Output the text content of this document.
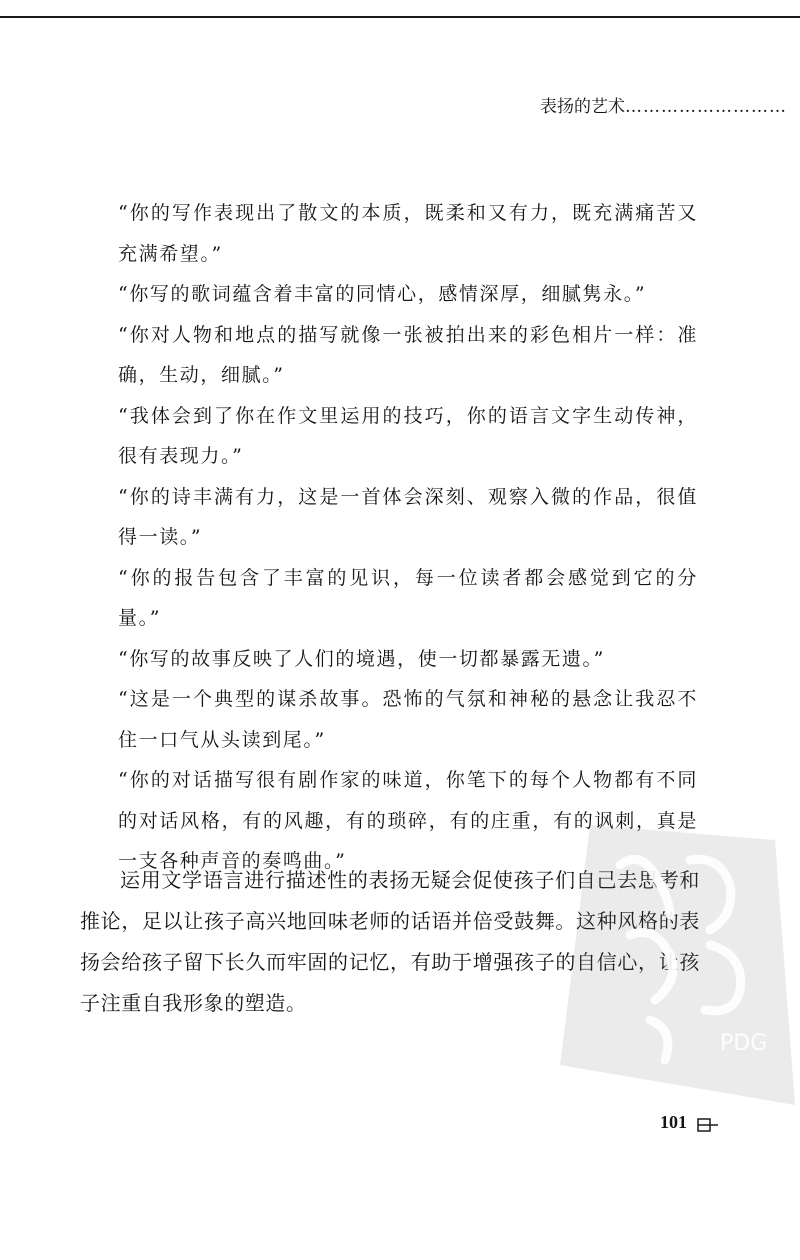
表扬的艺术………………………

“你的写作表现出了散文的本质，既柔和又有力，既充满痛苦又充满希望。”

“你写的歌词蕴含着丰富的同情心，感情深厚，细腻隽永。”

“你对人物和地点的描写就像一张被拍出来的彩色相片一样：准确，生动，细腻。”

“我体会到了你在作文里运用的技巧，你的语言文字生动传神，很有表现力。”

“你的诗丰满有力，这是一首体会深刻、观察入微的作品，很值得一读。”

“你的报告包含了丰富的见识，每一位读者都会感觉到它的分量。”

“你写的故事反映了人们的境遇，使一切都暴露无遗。”

“这是一个典型的谋杀故事。恐怖的气氛和神秘的悬念让我忍不住一口气从头读到尾。”

“你的对话描写很有剧作家的味道，你笔下的每个人物都有不同的对话风格，有的风趣，有的琐碎，有的庄重，有的讽刺，真是一支各种声音的奏鸣曲。”

运用文学语言进行描述性的表扬无疑会促使孩子们自己去思考和推论，足以让孩子高兴地回味老师的话语并倍受鼓舞。这种风格的表扬会给孩子留下长久而牢固的记忆，有助于增强孩子的自信心，让孩子注重自我形象的塑造。

PDG
101
